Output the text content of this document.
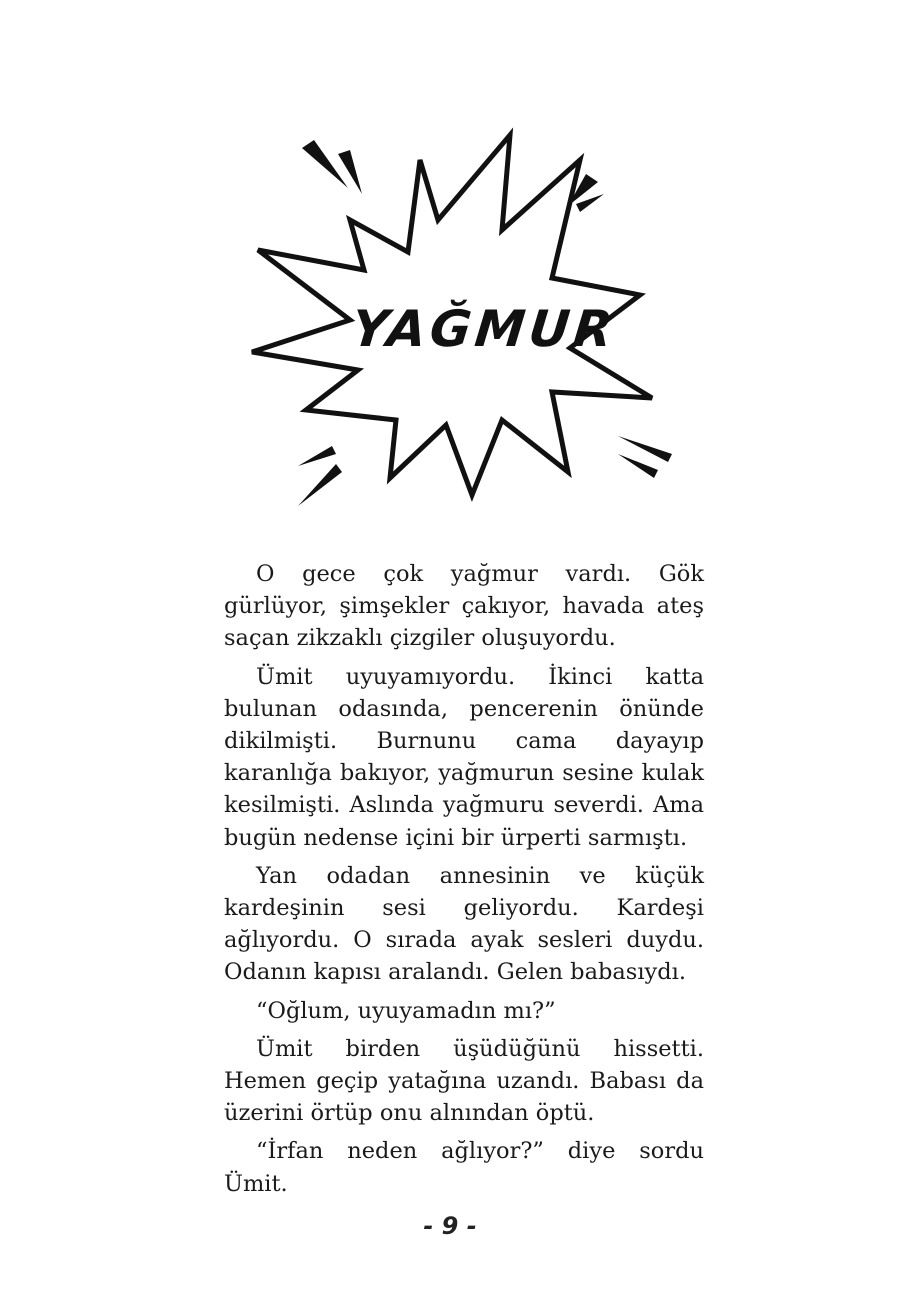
YAĞMUR

O gece çok yağmur vardı. Gök gürlüyor, şimşekler çakıyor, havada ateş saçan zikzaklı çizgiler oluşuyordu.

Ümit uyuyamıyordu. İkinci katta bulunan odasında, pencerenin önünde dikilmişti. Burnunu cama dayayıp karanlığa bakıyor, yağmurun sesine kulak kesilmişti. Aslında yağmuru severdi. Ama bugün nedense içini bir ürperti sarmıştı.

Yan odadan annesinin ve küçük kardeşinin sesi geliyordu. Kardeşi ağlıyordu. O sırada ayak sesleri duydu. Odanın kapısı aralandı. Gelen babasıydı.

“Oğlum, uyuyamadın mı?”

Ümit birden üşüdüğünü hissetti. Hemen geçip yatağına uzandı. Babası da üzerini örtüp onu alnından öptü.

“İrfan neden ağlıyor?” diye sordu Ümit.

- 9 -
